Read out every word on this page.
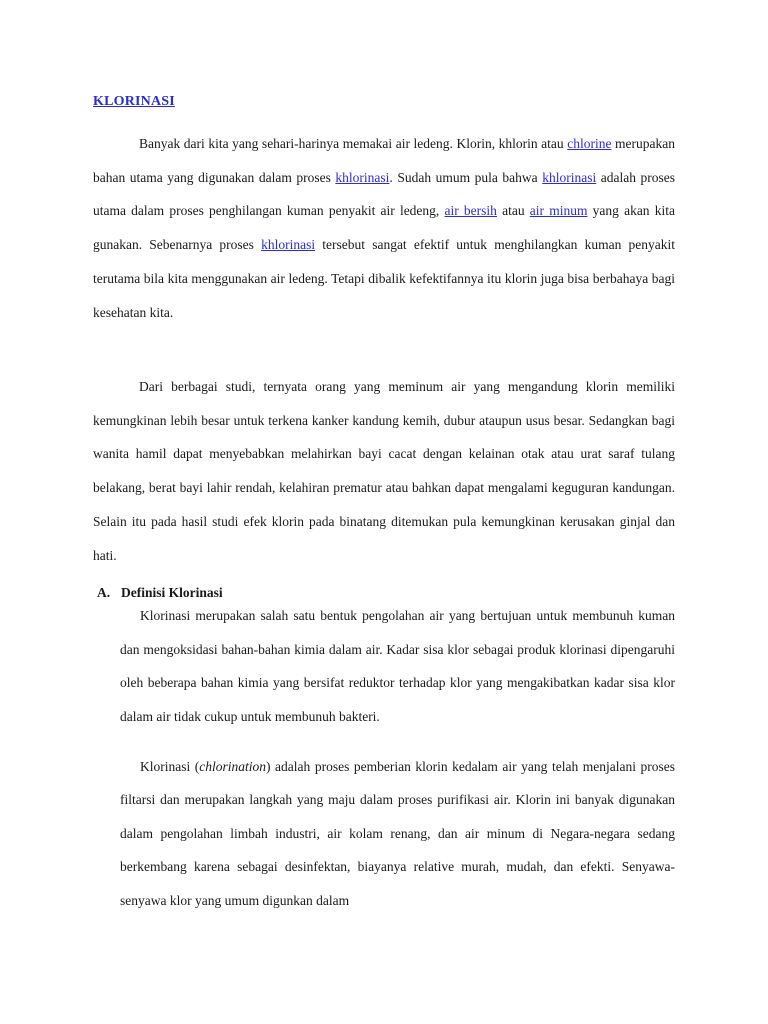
KLORINASI

Banyak dari kita yang sehari-harinya memakai air ledeng. Klorin, khlorin atau chlorine merupakan bahan utama yang digunakan dalam proses khlorinasi. Sudah umum pula bahwa khlorinasi adalah proses utama dalam proses penghilangan kuman penyakit air ledeng, air bersih atau air minum yang akan kita gunakan. Sebenarnya proses khlorinasi tersebut sangat efektif untuk menghilangkan kuman penyakit terutama bila kita menggunakan air ledeng. Tetapi dibalik kefektifannya itu klorin juga bisa berbahaya bagi kesehatan kita.

Dari berbagai studi, ternyata orang yang meminum air yang mengandung klorin memiliki kemungkinan lebih besar untuk terkena kanker kandung kemih, dubur ataupun usus besar. Sedangkan bagi wanita hamil dapat menyebabkan melahirkan bayi cacat dengan kelainan otak atau urat saraf tulang belakang, berat bayi lahir rendah, kelahiran prematur atau bahkan dapat mengalami keguguran kandungan. Selain itu pada hasil studi efek klorin pada binatang ditemukan pula kemungkinan kerusakan ginjal dan hati.

A. Definisi Klorinasi

Klorinasi merupakan salah satu bentuk pengolahan air yang bertujuan untuk membunuh kuman dan mengoksidasi bahan-bahan kimia dalam air. Kadar sisa klor sebagai produk klorinasi dipengaruhi oleh beberapa bahan kimia yang bersifat reduktor terhadap klor yang mengakibatkan kadar sisa klor dalam air tidak cukup untuk membunuh bakteri.

Klorinasi (chlorination) adalah proses pemberian klorin kedalam air yang telah menjalani proses filtarsi dan merupakan langkah yang maju dalam proses purifikasi air. Klorin ini banyak digunakan dalam pengolahan limbah industri, air kolam renang, dan air minum di Negara-negara sedang berkembang karena sebagai desinfektan, biayanya relative murah, mudah, dan efekti. Senyawa-senyawa klor yang umum digunkan dalam
